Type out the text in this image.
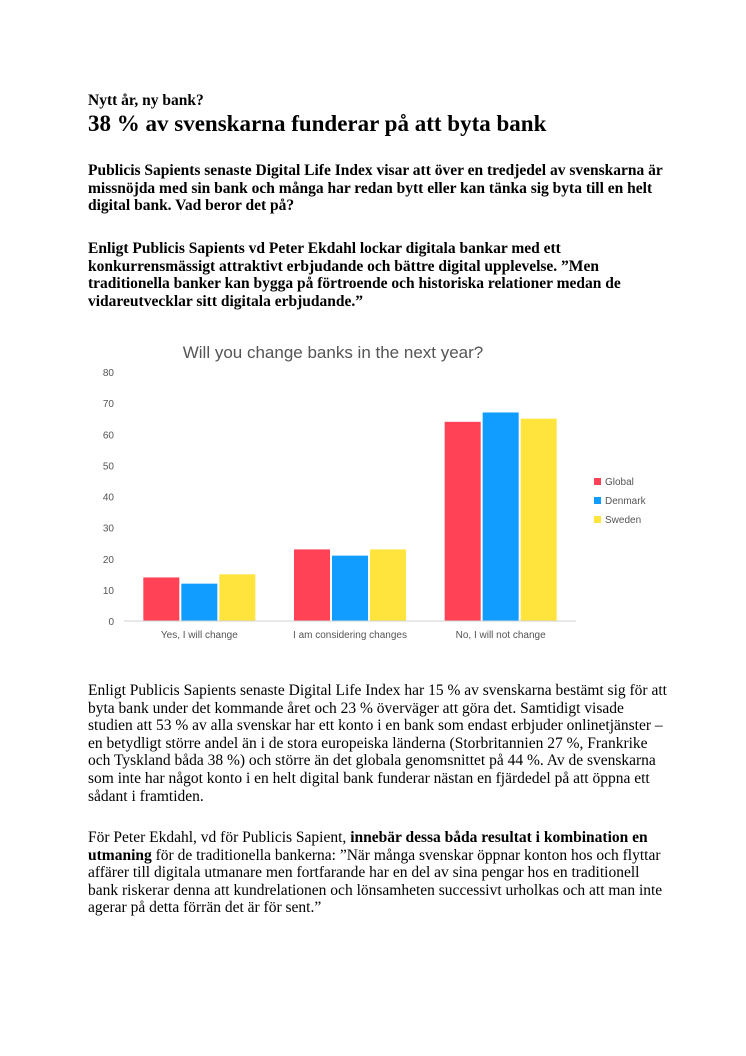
Nytt år, ny bank?
38 % av svenskarna funderar på att byta bank

Publicis Sapients senaste Digital Life Index visar att över en tredjedel av svenskarna är missnöjda med sin bank och många har redan bytt eller kan tänka sig byta till en helt digital bank. Vad beror det på?

Enligt Publicis Sapients vd Peter Ekdahl lockar digitala bankar med ett konkurrensmässigt attraktivt erbjudande och bättre digital upplevelse. ”Men traditionella banker kan bygga på förtroende och historiska relationer medan de vidareutvecklar sitt digitala erbjudande.”

Will you change banks in the next year?
0
10
20
30
40
50
60
70
80
Yes, I will change	I am considering changes	No, I will not change
Global
Denmark
Sweden

Enligt Publicis Sapients senaste Digital Life Index har 15 % av svenskarna bestämt sig för att byta bank under det kommande året och 23 % överväger att göra det. Samtidigt visade studien att 53 % av alla svenskar har ett konto i en bank som endast erbjuder onlinetjänster – en betydligt större andel än i de stora europeiska länderna (Storbritannien 27 %, Frankrike och Tyskland båda 38 %) och större än det globala genomsnittet på 44 %. Av de svenskarna som inte har något konto i en helt digital bank funderar nästan en fjärdedel på att öppna ett sådant i framtiden.

För Peter Ekdahl, vd för Publicis Sapient, innebär dessa båda resultat i kombination en utmaning för de traditionella bankerna: ”När många svenskar öppnar konton hos och flyttar affärer till digitala utmanare men fortfarande har en del av sina pengar hos en traditionell bank riskerar denna att kundrelationen och lönsamheten successivt urholkas och att man inte agerar på detta förrän det är för sent.”
